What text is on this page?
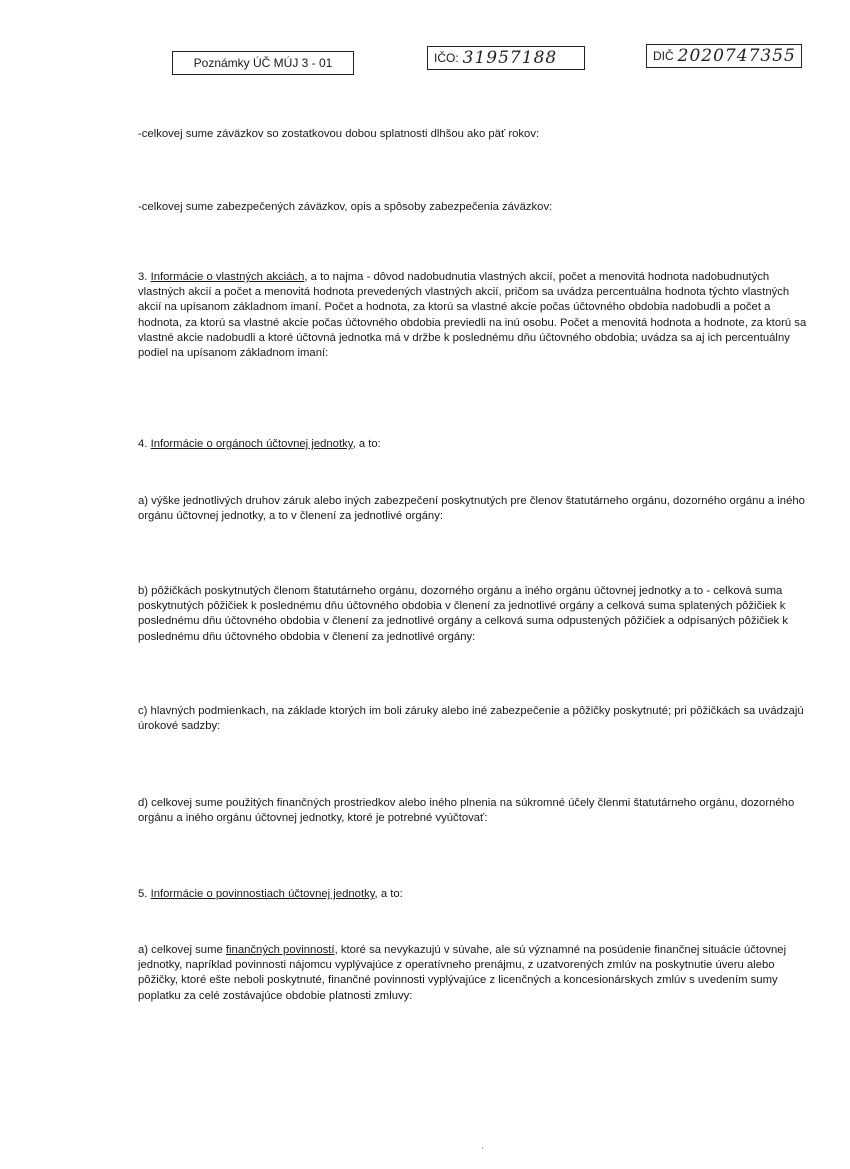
Poznámky ÚČ MÚJ 3 - 01	IČO: 31957188	DIČ 2020747355

-celkovej sume záväzkov so zostatkovou dobou splatnosti dlhšou ako päť rokov:

-celkovej sume zabezpečených záväzkov, opis a spôsoby zabezpečenia záväzkov:

3. Informácie o vlastných akciách, a to najma - dôvod nadobudnutia vlastných akcií, počet a menovitá hodnota nadobudnutých vlastných akcií a počet a menovitá hodnota prevedených vlastných akcií, pričom sa uvádza percentuálna hodnota týchto vlastných akcií na upísanom základnom imaní. Počet a hodnota, za ktorú sa vlastné akcie počas účtovného obdobia nadobudli a počet a hodnota, za ktorú sa vlastné akcie počas účtovného obdobia previedli na inú osobu. Počet a menovitá hodnota a hodnote, za ktorú sa vlastné akcie nadobudli a ktoré účtovná jednotka má v držbe k poslednému dňu účtovného obdobia; uvádza sa aj ich percentuálny podiel na upísanom základnom imaní:

4. Informácie o orgánoch účtovnej jednotky, a to:

a) výške jednotlivých druhov záruk alebo iných zabezpečení poskytnutých pre členov štatutárneho orgánu, dozorného orgánu a iného orgánu účtovnej jednotky, a to v členení za jednotlivé orgány:

b) pôžičkách poskytnutých členom štatutárneho orgánu, dozorného orgánu a iného orgánu účtovnej jednotky a to - celková suma poskytnutých pôžičiek k poslednému dňu účtovného obdobia v členení za jednotlivé orgány a celková suma splatených pôžičiek k poslednému dňu účtovného obdobia v členení za jednotlivé orgány a celková suma odpustených pôžičiek a odpísaných pôžičiek k poslednému dňu účtovného obdobia v členení za jednotlivé orgány:

c) hlavných podmienkach, na základe ktorých im boli záruky alebo iné zabezpečenie a pôžičky poskytnuté; pri pôžičkách sa uvádzajú úrokové sadzby:

d) celkovej sume použitých finančných prostriedkov alebo iného plnenia na súkromné účely členmi štatutárneho orgánu, dozorného orgánu a iného orgánu účtovnej jednotky, ktoré je potrebné vyúčtovať:

5. Informácie o povinnostiach účtovnej jednotky, a to:

a) celkovej sume finančných povinností, ktoré sa nevykazujú v súvahe, ale sú významné na posúdenie finančnej situácie účtovnej jednotky, napríklad povinnosti nájomcu vyplývajúce z operatívneho prenájmu, z uzatvorených zmlúv na poskytnutie úveru alebo pôžičky, ktoré ešte neboli poskytnuté, finančné povinnosti vyplývajúce z licenčných a koncesionárskych zmlúv s uvedením sumy poplatku za celé zostávajúce obdobie platnosti zmluvy:

'
